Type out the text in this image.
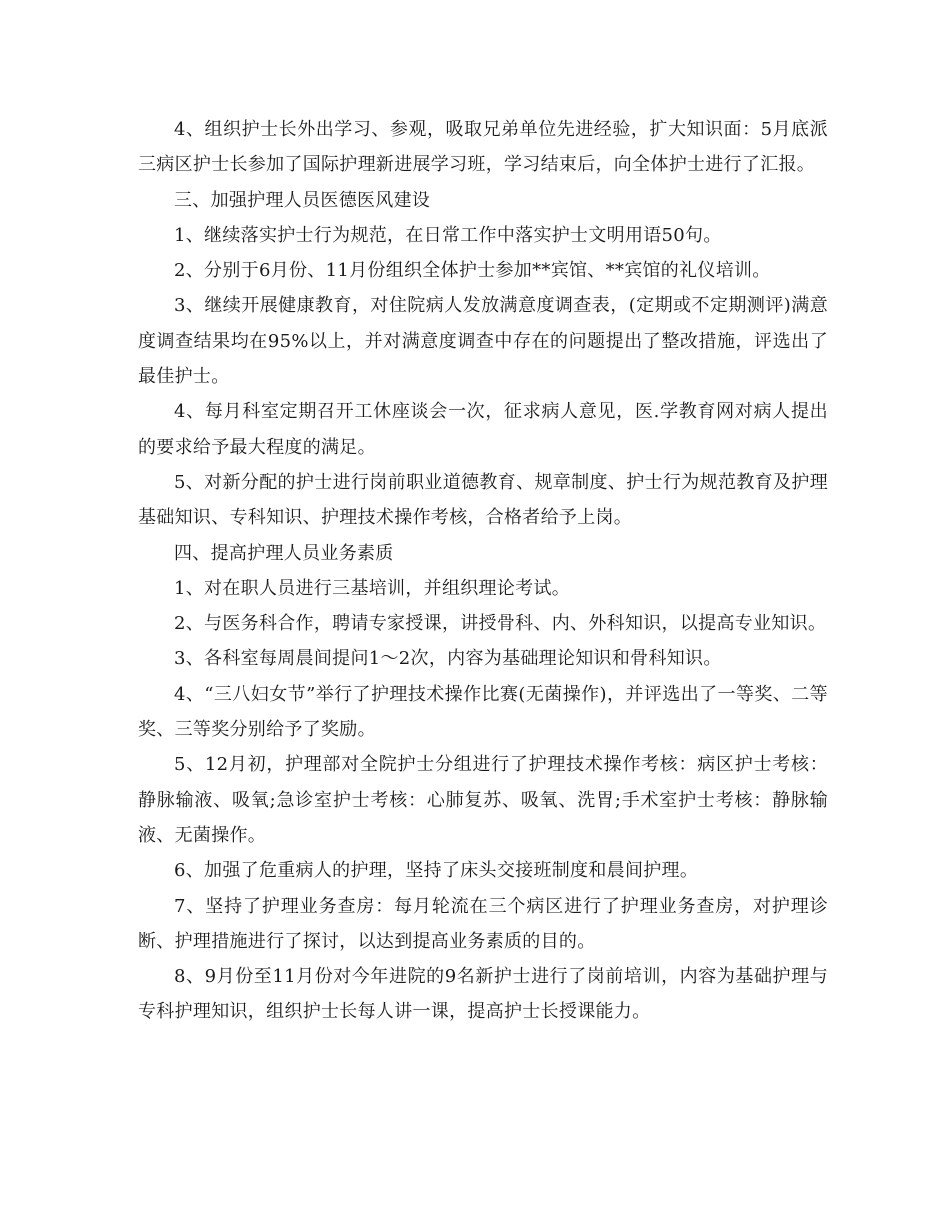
4、组织护士长外出学习、参观，吸取兄弟单位先进经验，扩大知识面：5月底派三病区护士长参加了国际护理新进展学习班，学习结束后，向全体护士进行了汇报。

三、加强护理人员医德医风建设

1、继续落实护士行为规范，在日常工作中落实护士文明用语50句。

2、分别于6月份、11月份组织全体护士参加**宾馆、**宾馆的礼仪培训。

3、继续开展健康教育，对住院病人发放满意度调查表，(定期或不定期测评)满意度调查结果均在95%以上，并对满意度调查中存在的问题提出了整改措施，评选出了最佳护士。

4、每月科室定期召开工休座谈会一次，征求病人意见，医.学教育网对病人提出的要求给予最大程度的满足。

5、对新分配的护士进行岗前职业道德教育、规章制度、护士行为规范教育及护理基础知识、专科知识、护理技术操作考核，合格者给予上岗。

四、提高护理人员业务素质

1、对在职人员进行三基培训，并组织理论考试。

2、与医务科合作，聘请专家授课，讲授骨科、内、外科知识，以提高专业知识。

3、各科室每周晨间提问1～2次，内容为基础理论知识和骨科知识。

4、“三八妇女节”举行了护理技术操作比赛(无菌操作)，并评选出了一等奖、二等奖、三等奖分别给予了奖励。

5、12月初，护理部对全院护士分组进行了护理技术操作考核：病区护士考核：静脉输液、吸氧;急诊室护士考核：心肺复苏、吸氧、洗胃;手术室护士考核：静脉输液、无菌操作。

6、加强了危重病人的护理，坚持了床头交接班制度和晨间护理。

7、坚持了护理业务查房：每月轮流在三个病区进行了护理业务查房，对护理诊断、护理措施进行了探讨，以达到提高业务素质的目的。

8、9月份至11月份对今年进院的9名新护士进行了岗前培训，内容为基础护理与专科护理知识，组织护士长每人讲一课，提高护士长授课能力。
